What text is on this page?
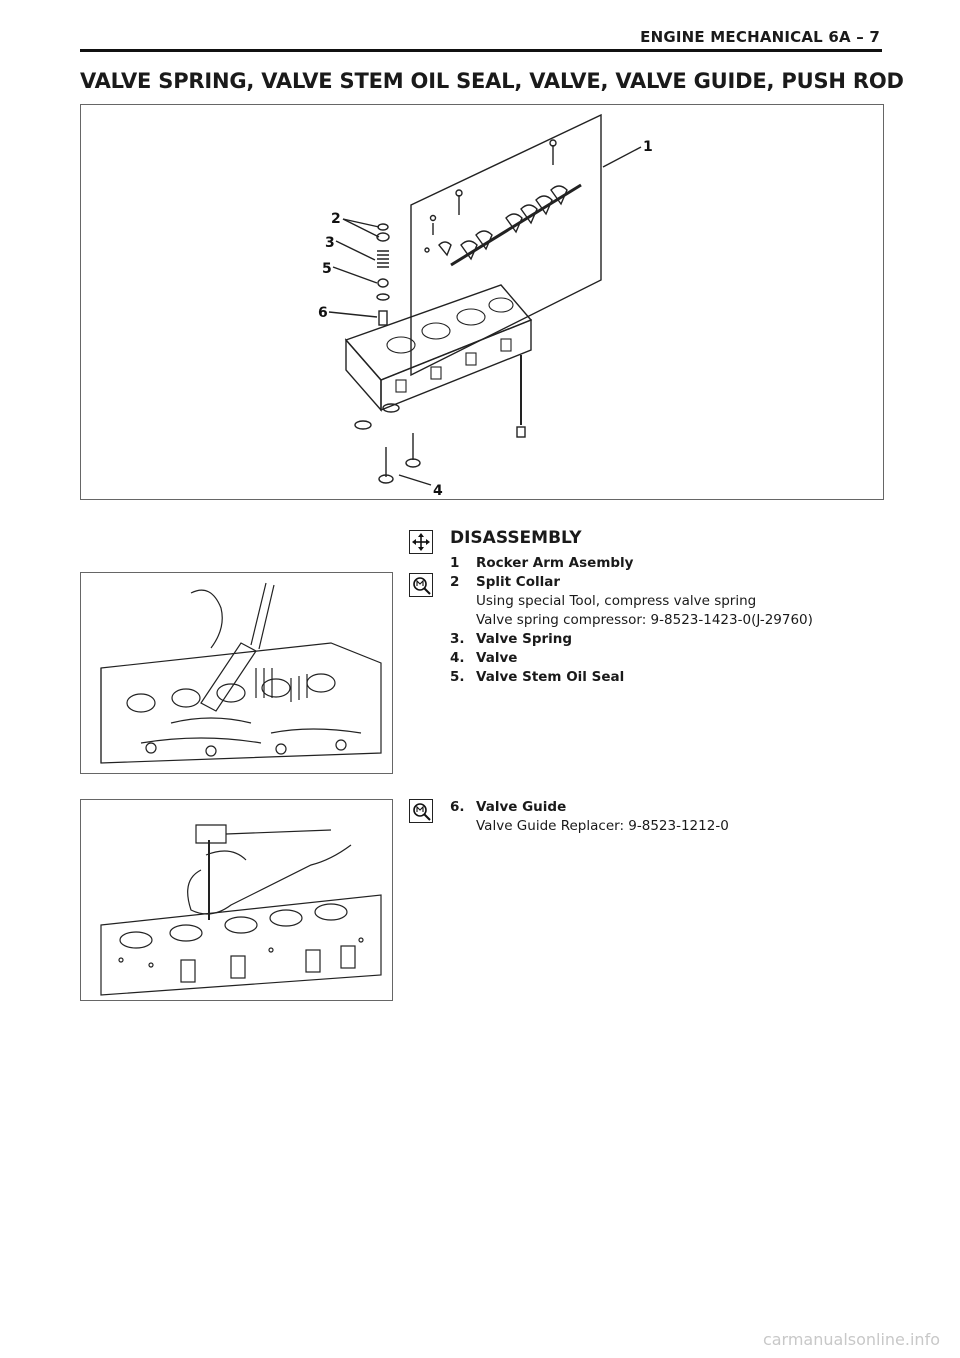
ENGINE MECHANICAL 6A – 7
VALVE SPRING, VALVE STEM OIL SEAL, VALVE, VALVE GUIDE, PUSH ROD
1
2
3
5
6
4
DISASSEMBLY
1 Rocker Arm Asembly
2 Split Collar
Using special Tool, compress valve spring
Valve spring compressor: 9-8523-1423-0(J-29760)
3. Valve Spring
4. Valve
5. Valve Stem Oil Seal
6. Valve Guide
Valve Guide Replacer: 9-8523-1212-0
carmanualsonline.info
